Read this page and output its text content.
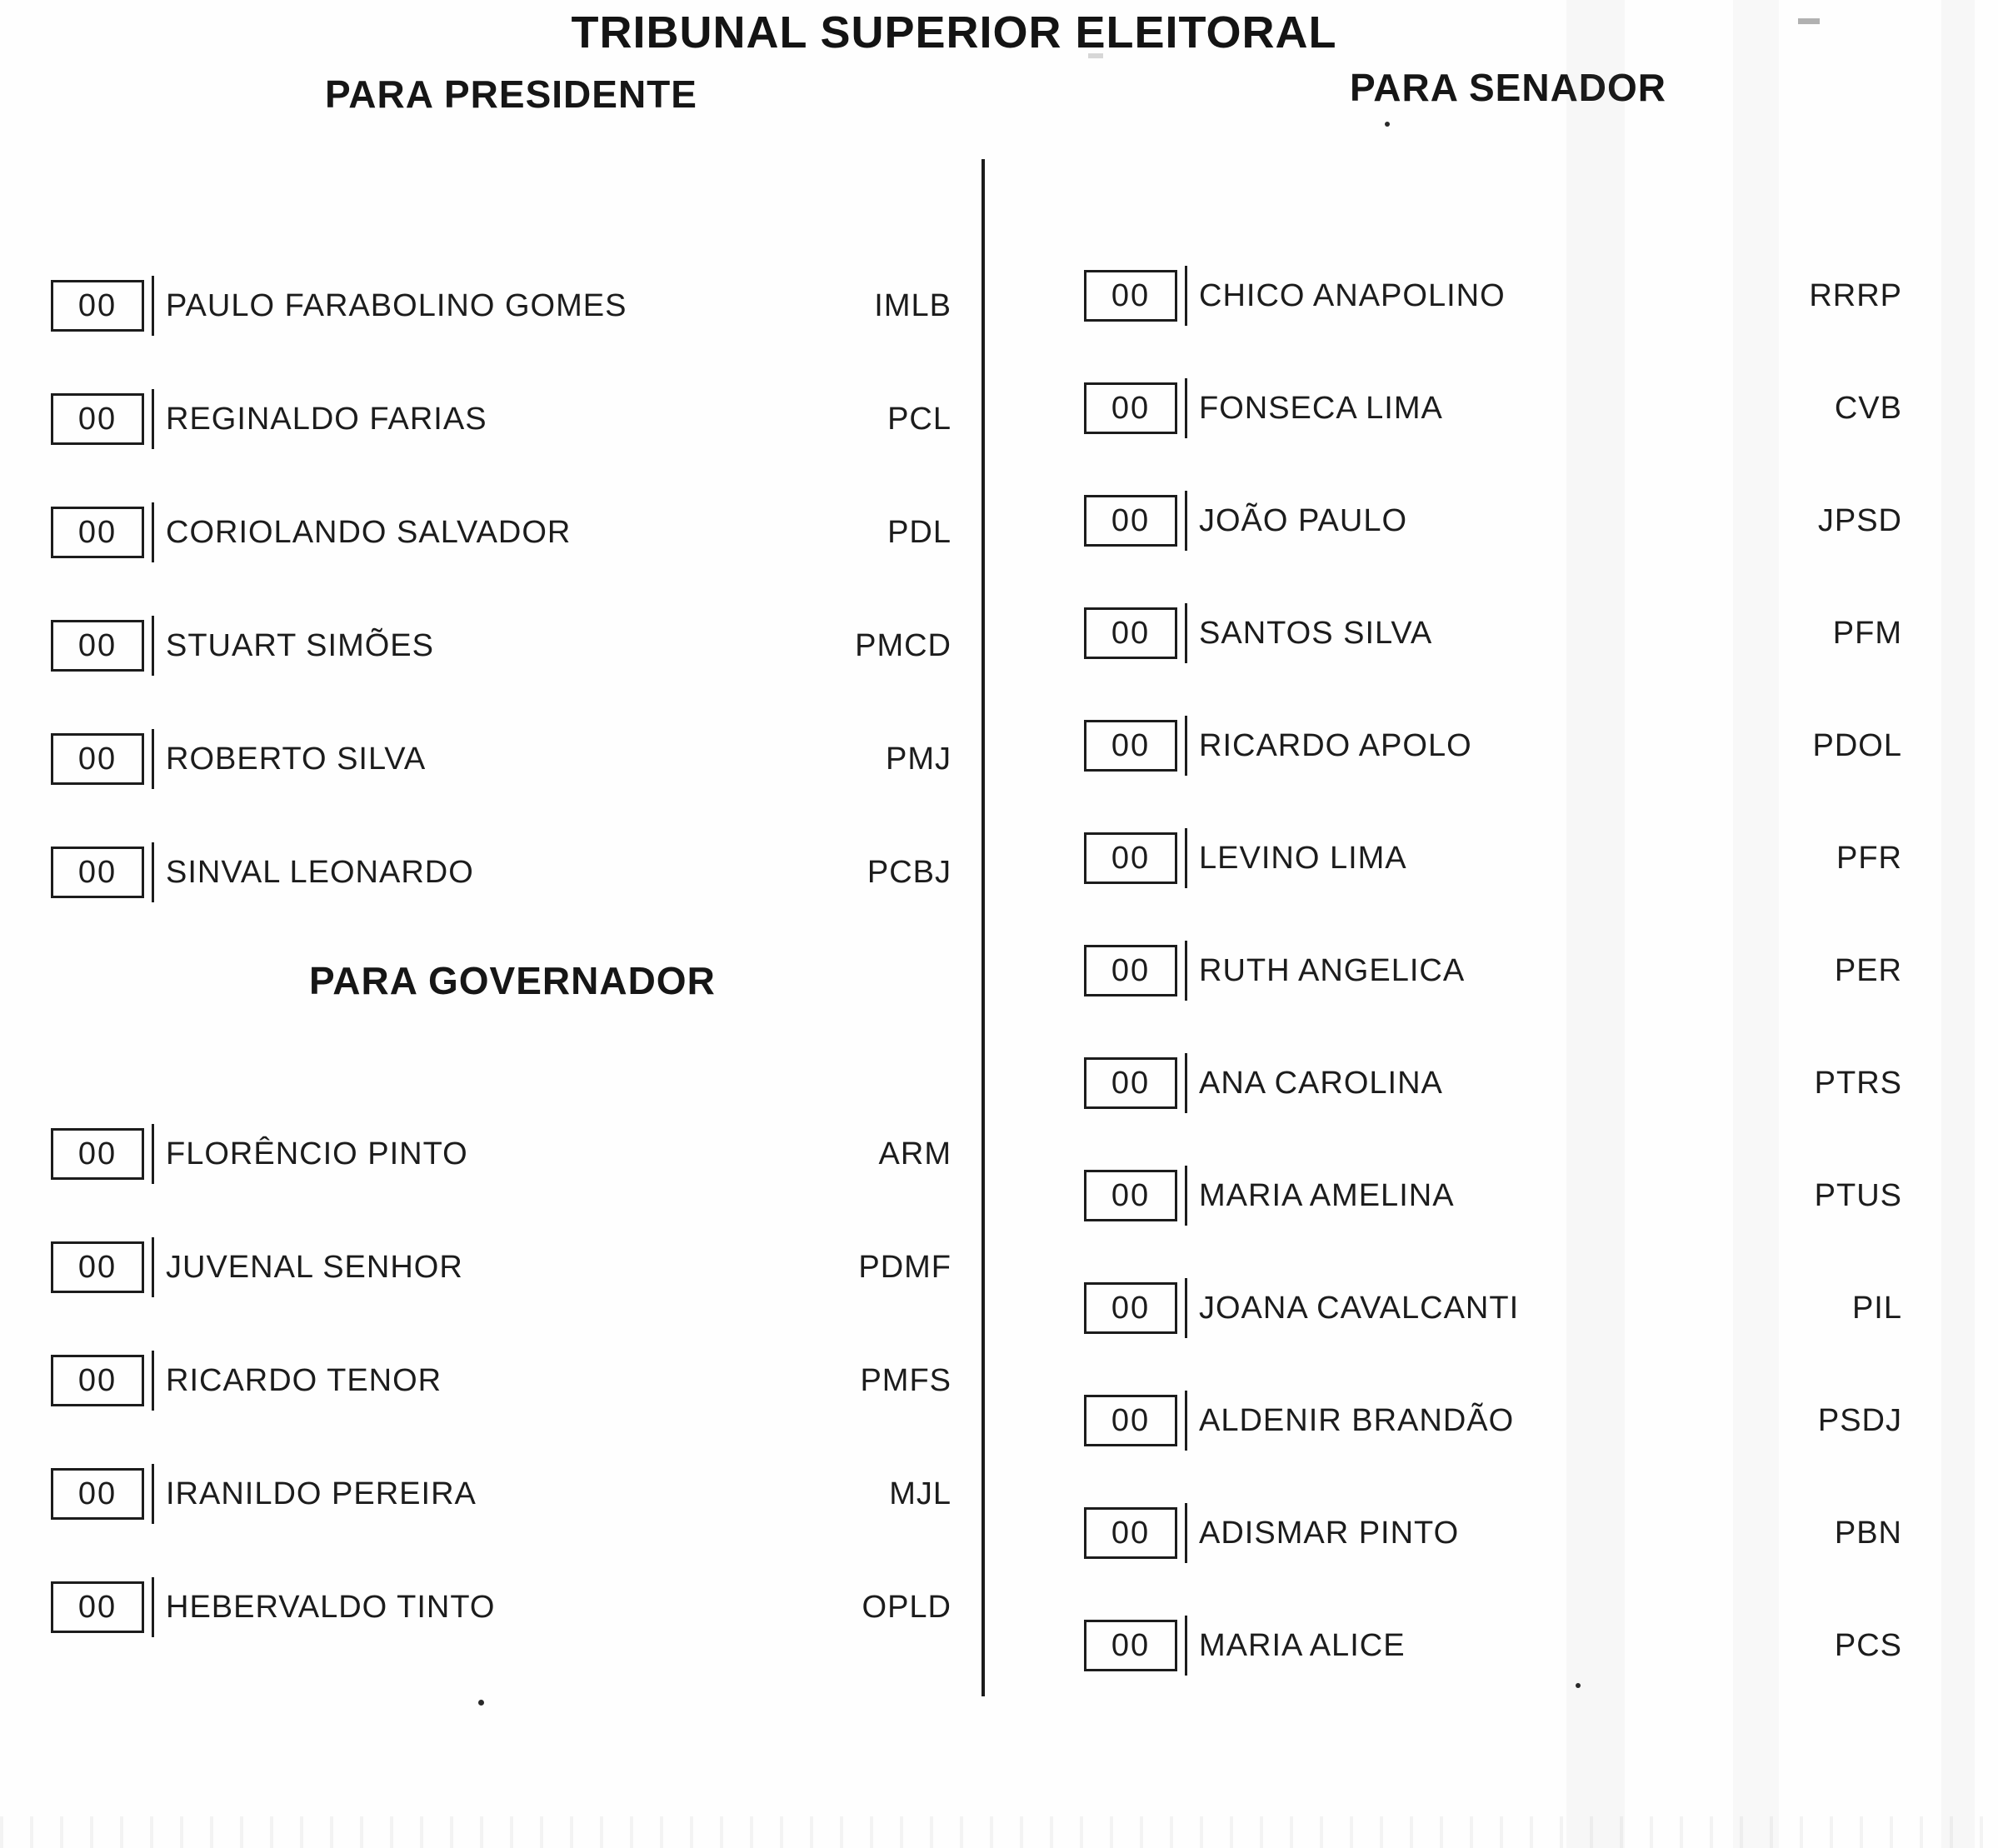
TRIBUNAL SUPERIOR ELEITORAL
PARA PRESIDENTE	PARA SENADOR
00	PAULO FARABOLINO GOMES	IMLB
00	REGINALDO FARIAS	PCL
00	CORIOLANDO SALVADOR	PDL
00	STUART SIMÕES	PMCD
00	ROBERTO SILVA	PMJ
00	SINVAL LEONARDO	PCBJ
PARA GOVERNADOR
00	FLORÊNCIO PINTO	ARM
00	JUVENAL SENHOR	PDMF
00	RICARDO TENOR	PMFS
00	IRANILDO PEREIRA	MJL
00	HEBERVALDO TINTO	OPLD
00	CHICO ANAPOLINO	RRRP
00	FONSECA LIMA	CVB
00	JOÃO PAULO	JPSD
00	SANTOS SILVA	PFM
00	RICARDO APOLO	PDOL
00	LEVINO LIMA	PFR
00	RUTH ANGELICA	PER
00	ANA CAROLINA	PTRS
00	MARIA AMELINA	PTUS
00	JOANA CAVALCANTI	PIL
00	ALDENIR BRANDÃO	PSDJ
00	ADISMAR PINTO	PBN
00	MARIA ALICE	PCS
